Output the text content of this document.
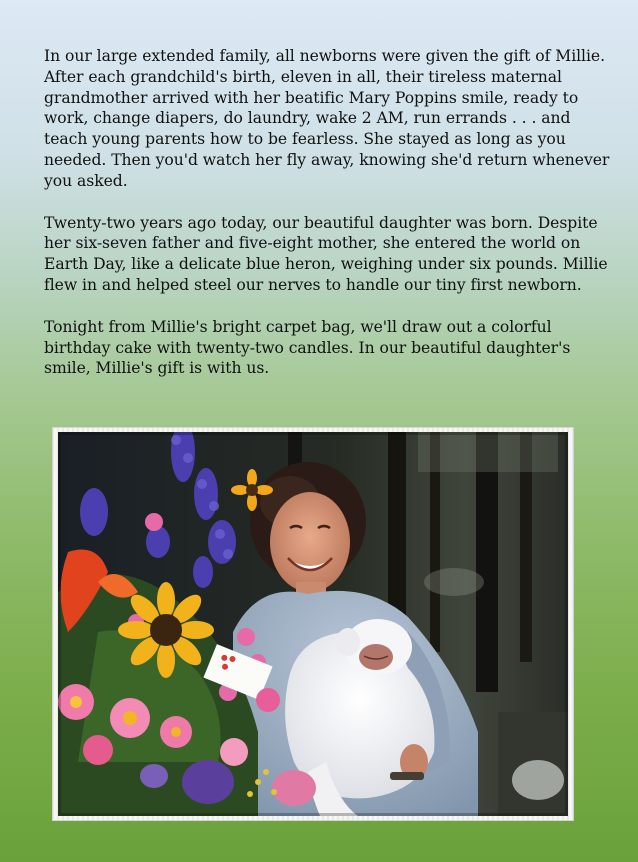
In our large extended family, all newborns were given the gift of Millie. After each grandchild's birth, eleven in all, their tireless maternal grandmother arrived with her beatific Mary Poppins smile, ready to work, change diapers, do laundry, wake 2 AM, run errands . . . and teach young parents how to be fearless. She stayed as long as you needed. Then you'd watch her fly away, knowing she'd return whenever you asked.

Twenty-two years ago today, our beautiful daughter was born. Despite her six-seven father and five-eight mother, she entered the world on Earth Day, like a delicate blue heron, weighing under six pounds. Millie flew in and helped steel our nerves to handle our tiny first newborn.

Tonight from Millie's bright carpet bag, we'll draw out a colorful birthday cake with twenty-two candles. In our beautiful daughter's smile, Millie's gift is with us.
